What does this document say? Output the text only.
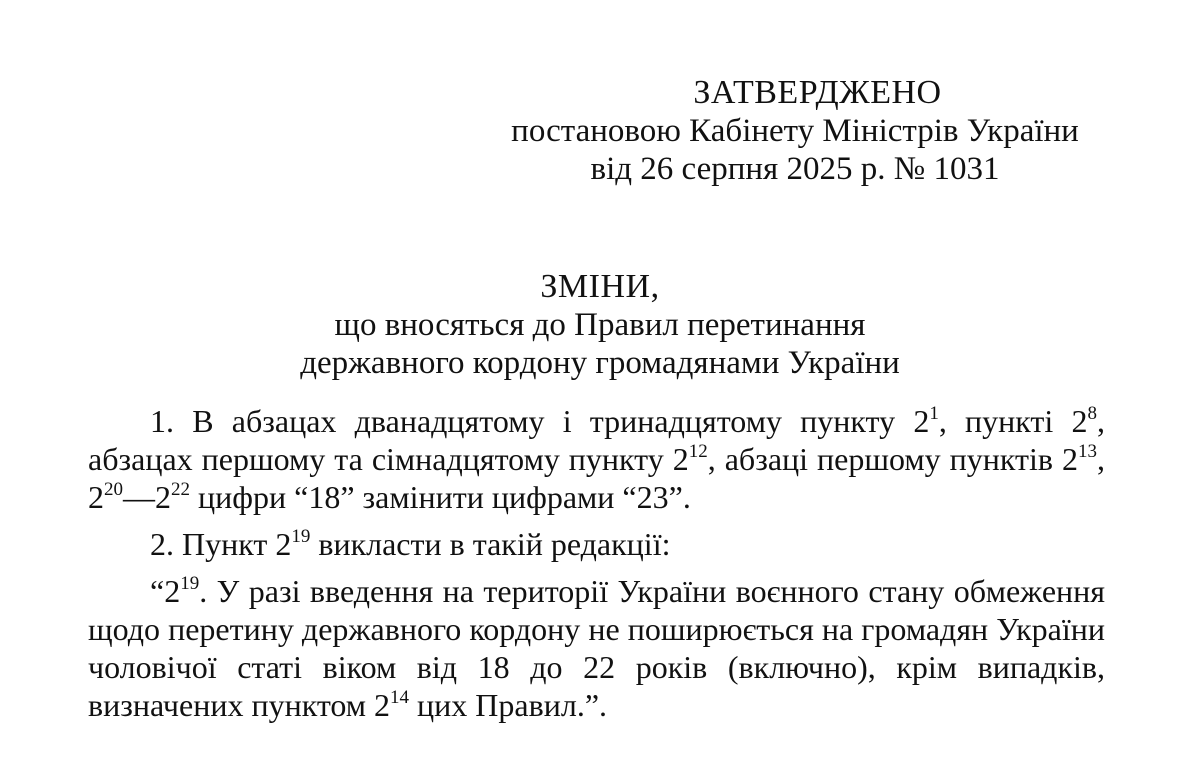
ЗАТВЕРДЖЕНО
постановою Кабінету Міністрів України
від 26 серпня 2025 р. № 1031
ЗМІНИ,
що вносяться до Правил перетинання
державного кордону громадянами України

1. В абзацах дванадцятому і тринадцятому пункту $2^1$, пункті $2^8$, абзацах першому та сімнадцятому пункту $2^{12}$, абзаці першому пунктів $2^{13}$, $2^{20}—2^{22}$ цифри “18” замінити цифрами “23”.

2. Пункт $2^{19}$ викласти в такій редакції:

“$2^{19}$. У разі введення на території України воєнного стану обмеження щодо перетину державного кордону не поширюється на громадян України чоловічої статі віком від 18 до 22 років (включно), крім випадків, визначених пунктом $2^{14}$ цих Правил.”.
